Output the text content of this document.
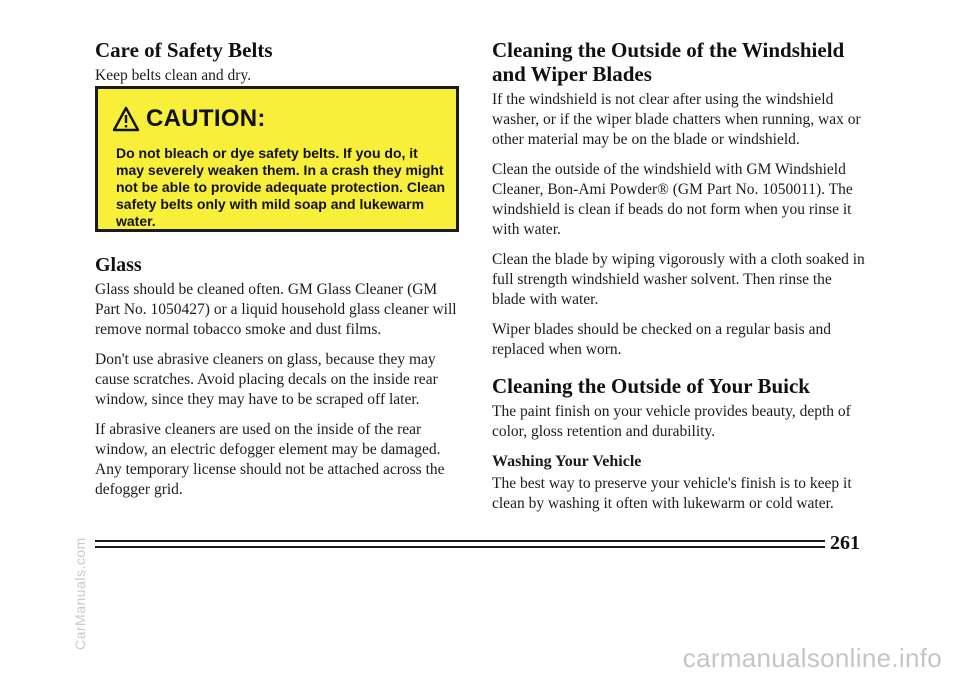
Care of Safety Belts

Keep belts clean and dry.

CAUTION:
Do not bleach or dye safety belts. If you do, it may severely weaken them. In a crash they might not be able to provide adequate protection. Clean safety belts only with mild soap and lukewarm water.
Glass

Glass should be cleaned often. GM Glass Cleaner (GM Part No. 1050427) or a liquid household glass cleaner will remove normal tobacco smoke and dust films.

Don't use abrasive cleaners on glass, because they may cause scratches. Avoid placing decals on the inside rear window, since they may have to be scraped off later.

If abrasive cleaners are used on the inside of the rear window, an electric defogger element may be damaged. Any temporary license should not be attached across the defogger grid.

Cleaning the Outside of the Windshield and Wiper Blades

If the windshield is not clear after using the windshield washer, or if the wiper blade chatters when running, wax or other material may be on the blade or windshield.

Clean the outside of the windshield with GM Windshield Cleaner, Bon-Ami Powder® (GM Part No. 1050011). The windshield is clean if beads do not form when you rinse it with water.

Clean the blade by wiping vigorously with a cloth soaked in full strength windshield washer solvent. Then rinse the blade with water.

Wiper blades should be checked on a regular basis and replaced when worn.

Cleaning the Outside of Your Buick

The paint finish on your vehicle provides beauty, depth of color, gloss retention and durability.

Washing Your Vehicle

The best way to preserve your vehicle's finish is to keep it clean by washing it often with lukewarm or cold water.

261
CarManuals.com
carmanualsonline.info
